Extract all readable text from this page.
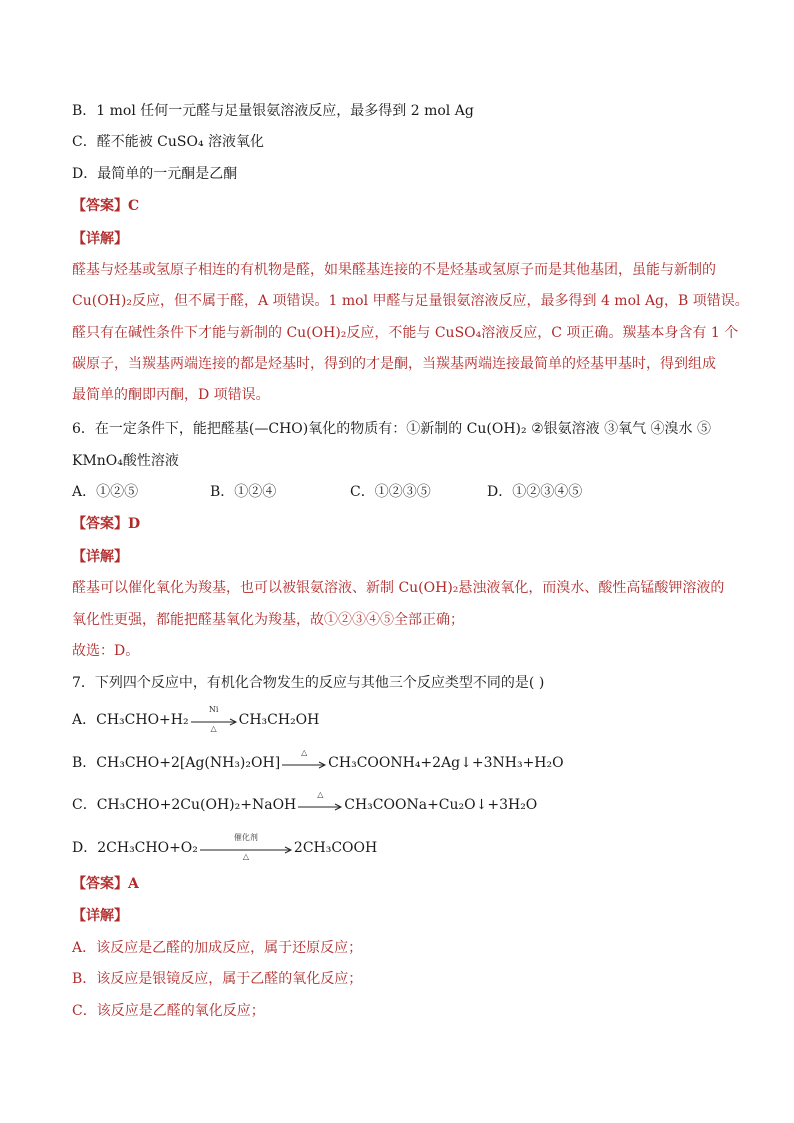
B．1 mol 任何一元醛与足量银氨溶液反应，最多得到 2 mol Ag
C．醛不能被 CuSO₄ 溶液氧化
D．最简单的一元酮是乙酮
【答案】C
【详解】
醛基与烃基或氢原子相连的有机物是醛，如果醛基连接的不是烃基或氢原子而是其他基团，虽能与新制的
Cu(OH)₂反应，但不属于醛，A 项错误。1 mol 甲醛与足量银氨溶液反应，最多得到 4 mol Ag，B 项错误。
醛只有在碱性条件下才能与新制的 Cu(OH)₂反应，不能与 CuSO₄溶液反应，C 项正确。羰基本身含有 1 个
碳原子，当羰基两端连接的都是烃基时，得到的才是酮，当羰基两端连接最简单的烃基甲基时，得到组成
最简单的酮即丙酮，D 项错误。
6．在一定条件下，能把醛基(—CHO)氧化的物质有：①新制的 Cu(OH)₂ ②银氨溶液 ③氧气 ④溴水 ⑤
KMnO₄酸性溶液
A．①②⑤	B．①②④	C．①②③⑤	D．①②③④⑤
【答案】D
【详解】
醛基可以催化氧化为羧基，也可以被银氨溶液、新制 Cu(OH)₂悬浊液氧化，而溴水、酸性高锰酸钾溶液的
氧化性更强，都能把醛基氧化为羧基，故①②③④⑤全部正确；
故选：D。
7．下列四个反应中，有机化合物发生的反应与其他三个反应类型不同的是( )
A． CH₃CHO+H₂
Ni
△
CH₃CH₂OH
B． CH₃CHO+2[Ag(NH₃)₂OH]
△
CH₃COONH₄+2Ag↓+3NH₃+H₂O
C． CH₃CHO+2Cu(OH)₂+NaOH
△
CH₃COONa+Cu₂O↓+3H₂O
D． 2CH₃CHO+O₂
催化剂
△
2CH₃COOH
【答案】A
【详解】
A．该反应是乙醛的加成反应，属于还原反应；
B．该反应是银镜反应，属于乙醛的氧化反应；
C．该反应是乙醛的氧化反应；
